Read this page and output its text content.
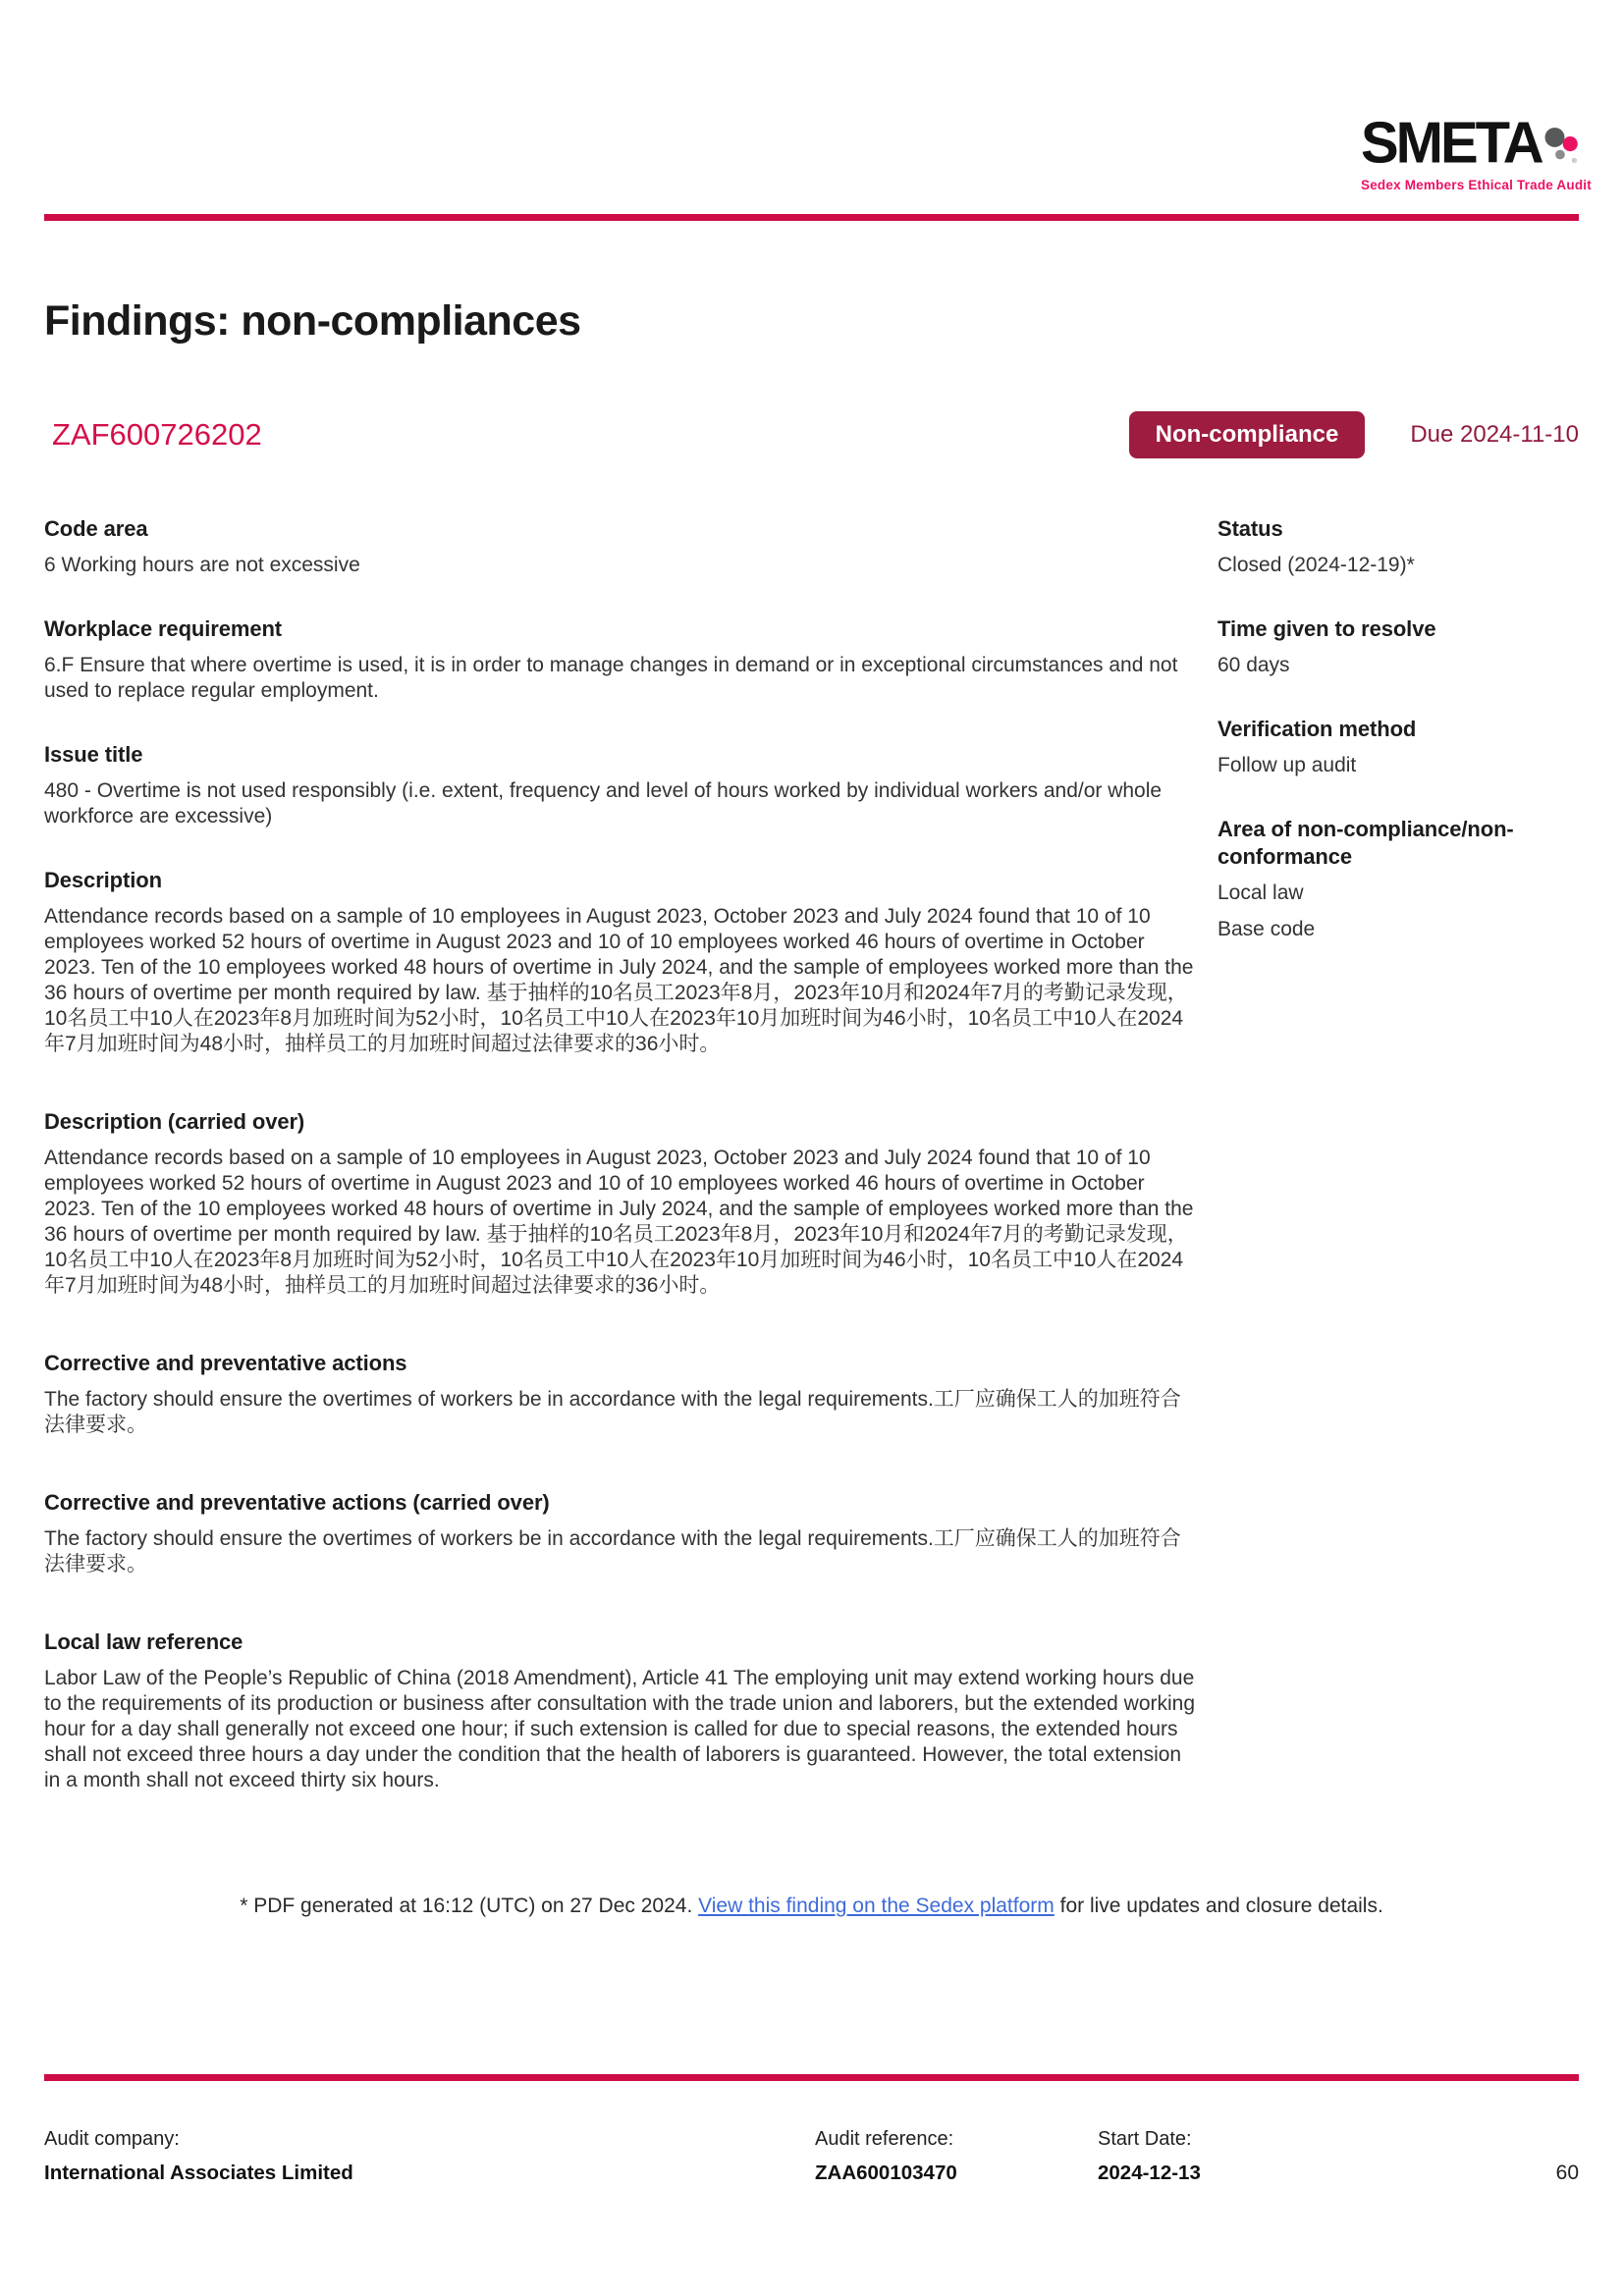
SMETA	®
Sedex Members Ethical Trade Audit
Findings: non-compliances
ZAF600726202	Non-compliance	Due 2024-11-10
Code area

6 Working hours are not excessive

Workplace requirement

6.F Ensure that where overtime is used, it is in order to manage changes in demand or in exceptional circumstances and not used to replace regular employment.

Issue title

480 - Overtime is not used responsibly (i.e. extent, frequency and level of hours worked by individual workers and/or whole workforce are excessive)

Description

Attendance records based on a sample of 10 employees in August 2023, October 2023 and July 2024 found that 10 of 10 employees worked 52 hours of overtime in August 2023 and 10 of 10 employees worked 46 hours of overtime in October 2023. Ten of the 10 employees worked 48 hours of overtime in July 2024, and the sample of employees worked more than the 36 hours of overtime per month required by law. 基于抽样的10名员工2023年8月，2023年10月和2024年7月的考勤记录发现，10名员工中10人在2023年8月加班时间为52小时，10名员工中10人在2023年10月加班时间为46小时，10名员工中10人在2024年7月加班时间为48小时，抽样员工的月加班时间超过法律要求的36小时。

Description (carried over)

Attendance records based on a sample of 10 employees in August 2023, October 2023 and July 2024 found that 10 of 10 employees worked 52 hours of overtime in August 2023 and 10 of 10 employees worked 46 hours of overtime in October 2023. Ten of the 10 employees worked 48 hours of overtime in July 2024, and the sample of employees worked more than the 36 hours of overtime per month required by law. 基于抽样的10名员工2023年8月，2023年10月和2024年7月的考勤记录发现，10名员工中10人在2023年8月加班时间为52小时，10名员工中10人在2023年10月加班时间为46小时，10名员工中10人在2024年7月加班时间为48小时，抽样员工的月加班时间超过法律要求的36小时。

Corrective and preventative actions

The factory should ensure the overtimes of workers be in accordance with the legal requirements.工厂应确保工人的加班符合法律要求。

Corrective and preventative actions (carried over)

The factory should ensure the overtimes of workers be in accordance with the legal requirements.工厂应确保工人的加班符合法律要求。

Local law reference

Labor Law of the People’s Republic of China (2018 Amendment), Article 41 The employing unit may extend working hours due to the requirements of its production or business after consultation with the trade union and laborers, but the extended working hour for a day shall generally not exceed one hour; if such extension is called for due to special reasons, the extended hours shall not exceed three hours a day under the condition that the health of laborers is guaranteed. However, the total extension in a month shall not exceed thirty six hours.

Status

Closed (2024-12-19)*

Time given to resolve

60 days

Verification method

Follow up audit

Area of non-compliance/non-conformance

Local law

Base code

* PDF generated at 16:12 (UTC) on 27 Dec 2024. View this finding on the Sedex platform for live updates and closure details.

Audit company:
International Associates Limited
Audit reference:
ZAA600103470
Start Date:
2024-12-13	60
